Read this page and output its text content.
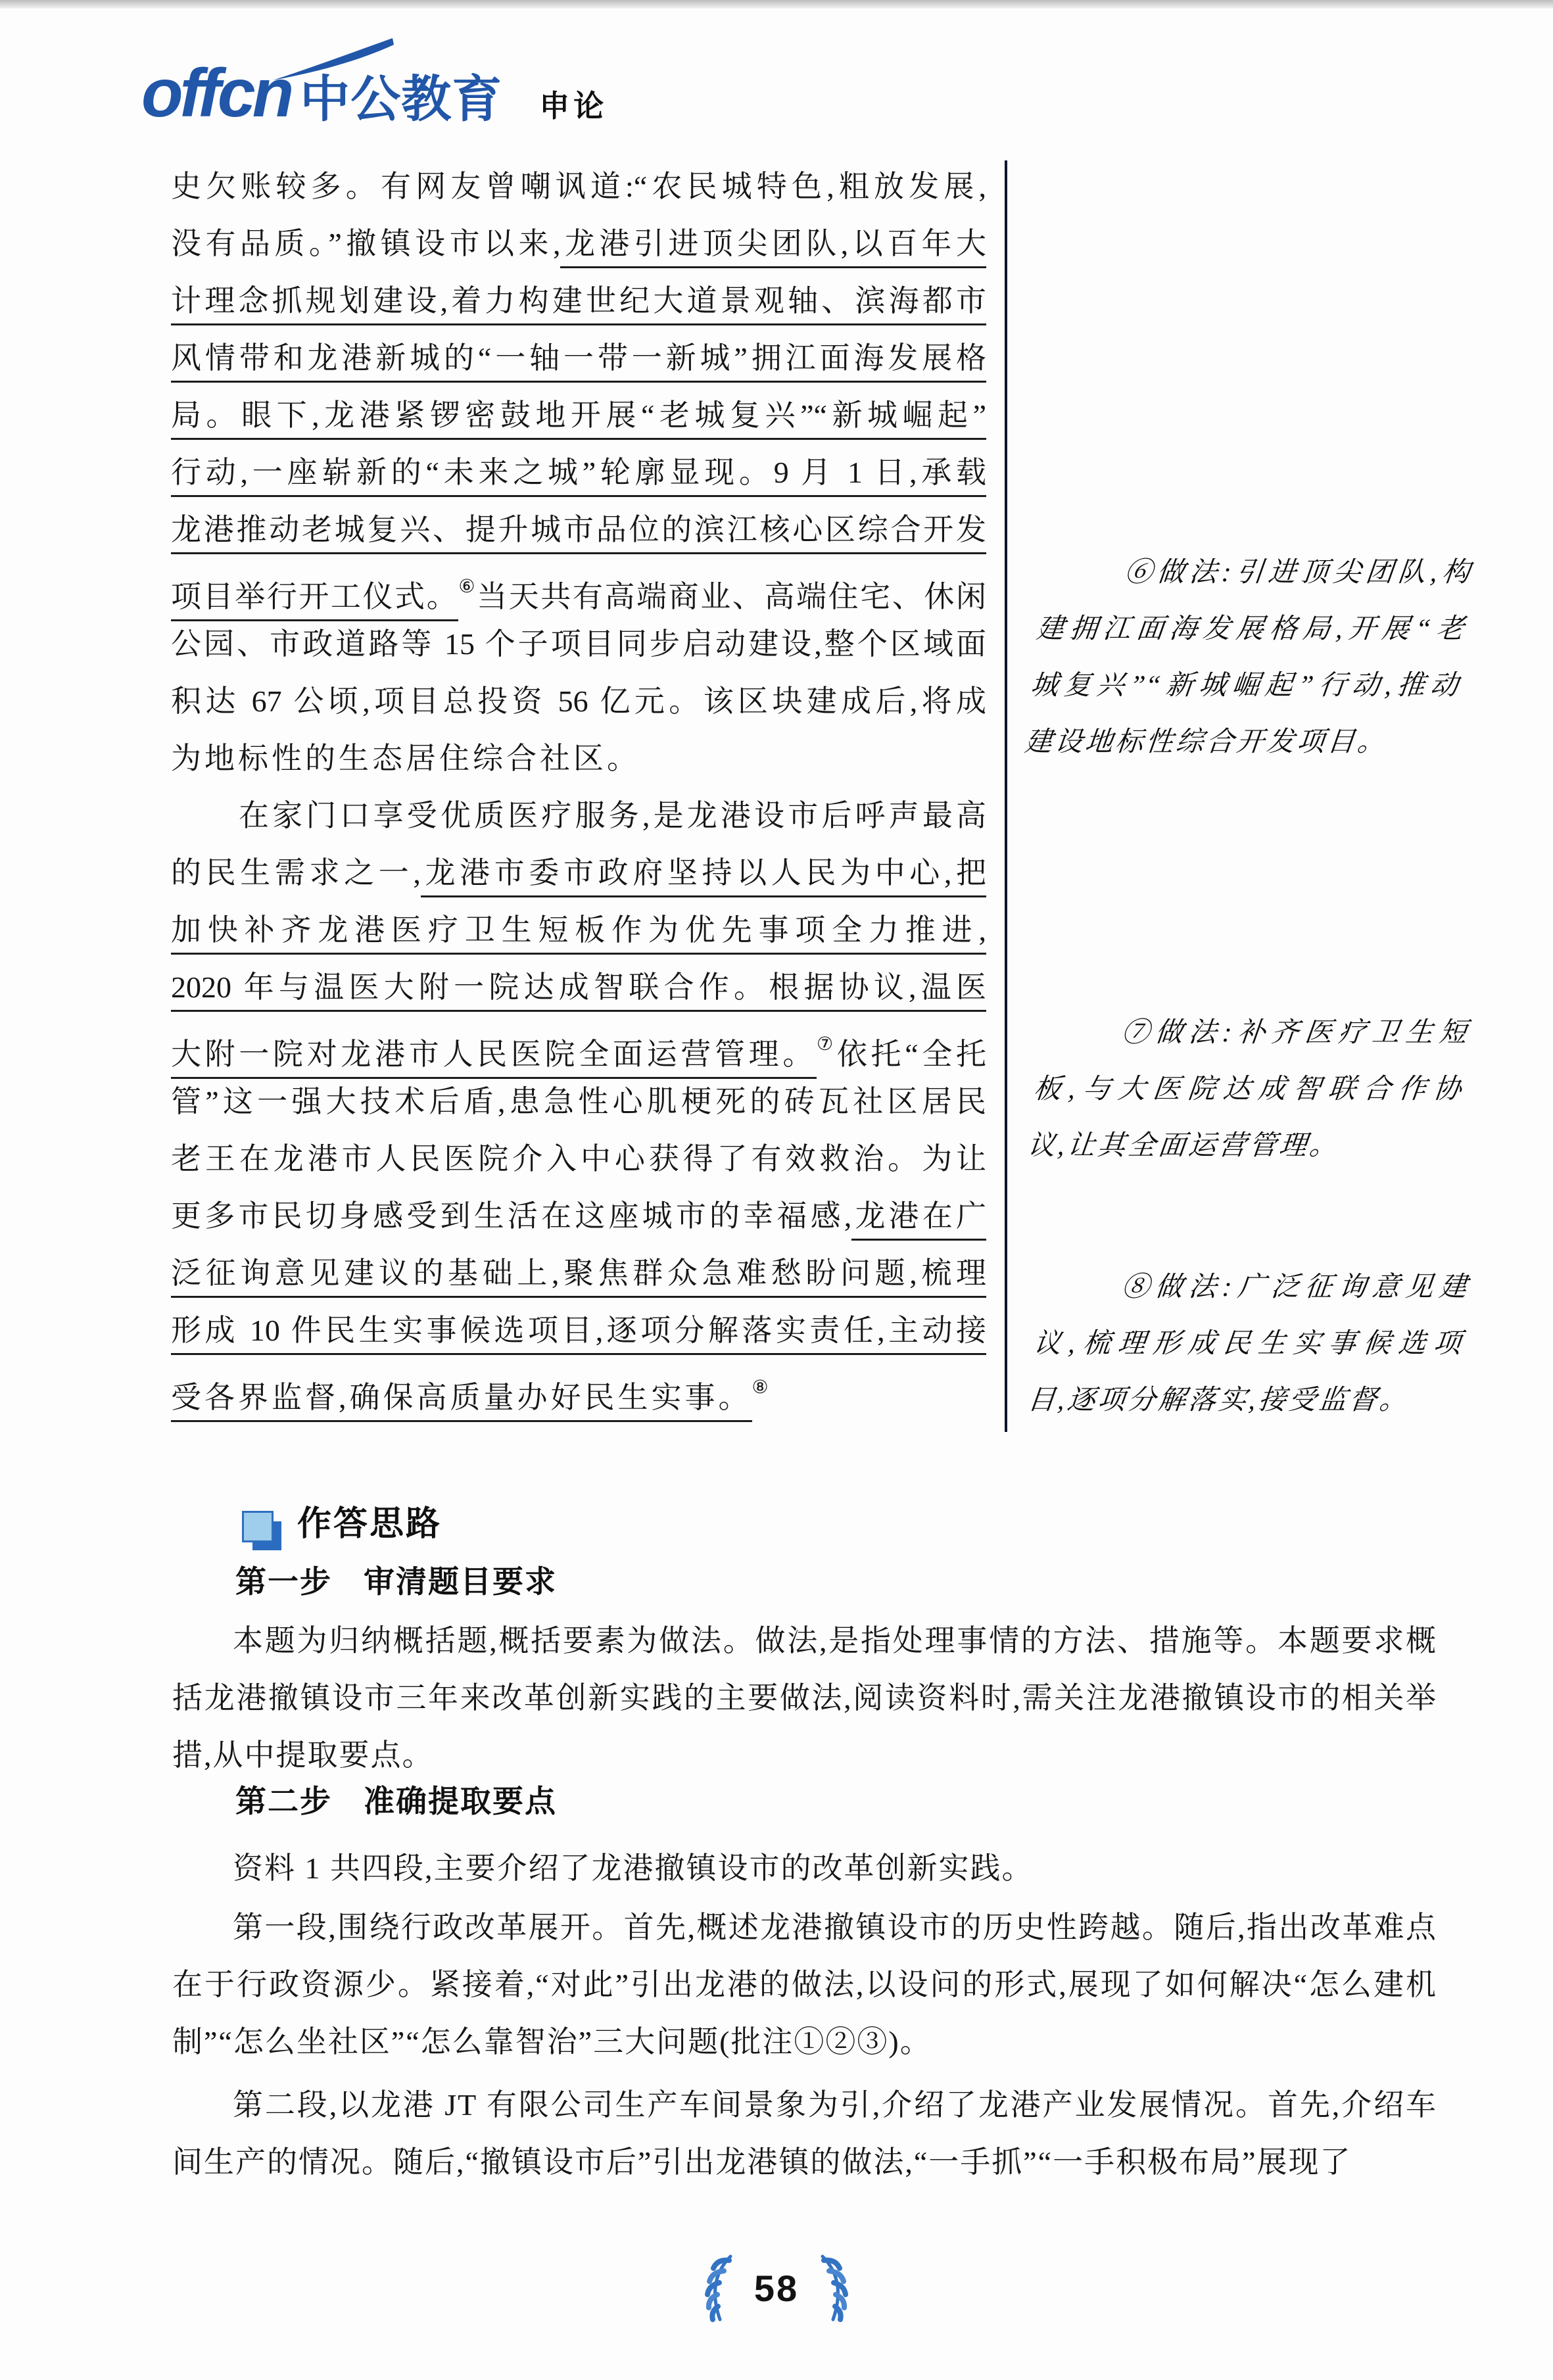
offcn 中公教育 申论
史欠账较多。有网友曾嘲讽道:“农民城特色,粗放发展,
没有品质。”撤镇设市以来,龙港引进顶尖团队,以百年大
计理念抓规划建设,着力构建世纪大道景观轴、滨海都市
风情带和龙港新城的“一轴一带一新城”拥江面海发展格
局。眼下,龙港紧锣密鼓地开展“老城复兴”“新城崛起”
行动,一座崭新的“未来之城”轮廓显现。9 月 1 日,承载
龙港推动老城复兴、提升城市品位的滨江核心区综合开发
项目举行开工仪式。⑥当天共有高端商业、高端住宅、休闲
公园、市政道路等 15 个子项目同步启动建设,整个区域面
积达 67 公顷,项目总投资 56 亿元。该区块建成后,将成
为地标性的生态居住综合社区。
在家门口享受优质医疗服务,是龙港设市后呼声最高
的民生需求之一,龙港市委市政府坚持以人民为中心,把
加快补齐龙港医疗卫生短板作为优先事项全力推进,
2020 年与温医大附一院达成智联合作。根据协议,温医
大附一院对龙港市人民医院全面运营管理。⑦依托“全托
管”这一强大技术后盾,患急性心肌梗死的砖瓦社区居民
老王在龙港市人民医院介入中心获得了有效救治。为让
更多市民切身感受到生活在这座城市的幸福感,龙港在广
泛征询意见建议的基础上,聚焦群众急难愁盼问题,梳理
形成 10 件民生实事候选项目,逐项分解落实责任,主动接
受各界监督,确保高质量办好民生实事。⑧
⑥做法:引进顶尖团队,构
建拥江面海发展格局,开展“老
城复兴”“新城崛起”行动,推动
建设地标性综合开发项目。
⑦做法:补齐医疗卫生短
板,与大医院达成智联合作协
议,让其全面运营管理。
⑧做法:广泛征询意见建
议,梳理形成民生实事候选项
目,逐项分解落实,接受监督。
作答思路
第一步 审清题目要求
本题为归纳概括题,概括要素为做法。做法,是指处理事情的方法、措施等。本题要求概括龙港撤镇设市三年来改革创新实践的主要做法,阅读资料时,需关注龙港撤镇设市的相关举措,从中提取要点。
第二步 准确提取要点
资料 1 共四段,主要介绍了龙港撤镇设市的改革创新实践。
第一段,围绕行政改革展开。首先,概述龙港撤镇设市的历史性跨越。随后,指出改革难点在于行政资源少。紧接着,“对此”引出龙港的做法,以设问的形式,展现了如何解决“怎么建机制”“怎么坐社区”“怎么靠智治”三大问题(批注①②③)。
第二段,以龙港 JT 有限公司生产车间景象为引,介绍了龙港产业发展情况。首先,介绍车间生产的情况。随后,“撤镇设市后”引出龙港镇的做法,“一手抓”“一手积极布局”展现了
58
